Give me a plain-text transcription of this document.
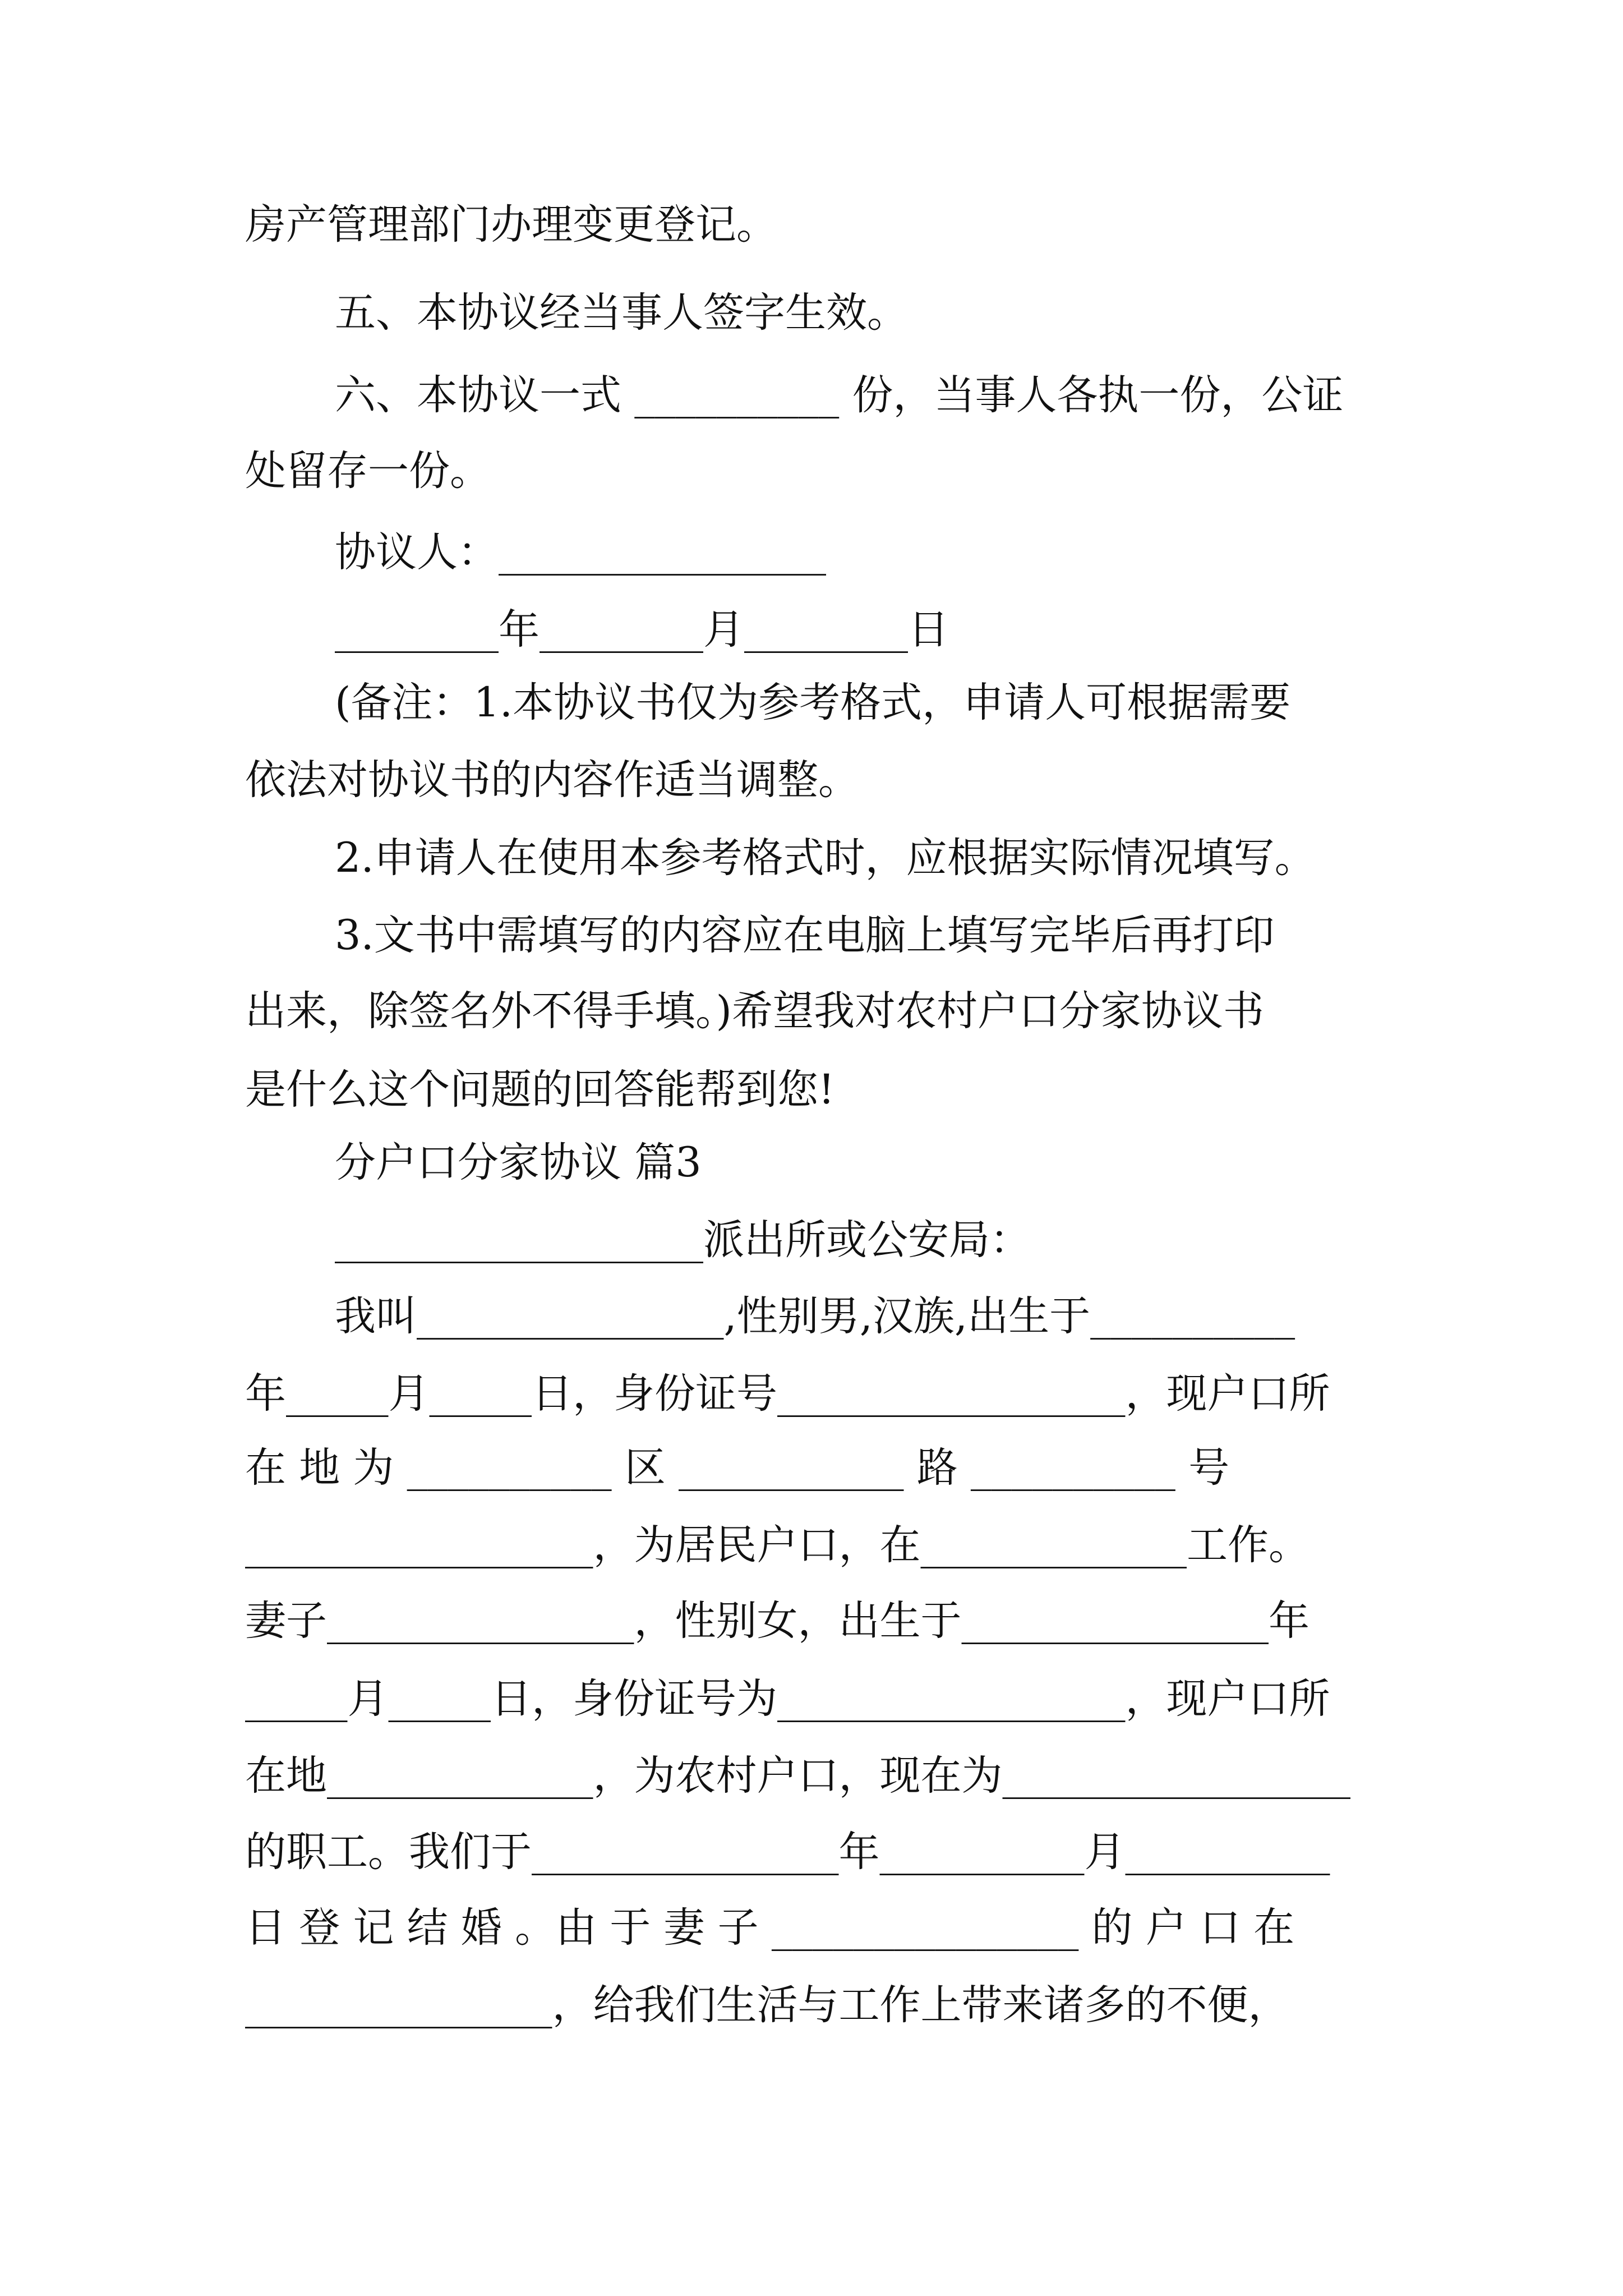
房产管理部门办理变更登记。
五、本协议经当事人签字生效。
六、本协议一式 __________ 份，当事人各执一份，公证
处留存一份。
协议人：________________
________年________月________日
(备注：1.本协议书仅为参考格式，申请人可根据需要
依法对协议书的内容作适当调整。
2.申请人在使用本参考格式时，应根据实际情况填写。
3.文书中需填写的内容应在电脑上填写完毕后再打印
出来，除签名外不得手填。)希望我对农村户口分家协议书
是什么这个问题的回答能帮到您!
分户口分家协议 篇3
__________________派出所或公安局：
我叫_______________,性别男,汉族,出生于__________
年_____月_____日，身份证号_________________，现户口所
在 地 为 __________ 区 ___________ 路 __________ 号
_________________，为居民户口，在_____________工作。
妻子_______________，性别女，出生于_______________年
_____月_____日，身份证号为_________________，现户口所
在地_____________，为农村户口，现在为_________________
的职工。我们于_______________年__________月__________
日 登 记 结 婚 。由 于 妻 子 _______________ 的 户 口 在
_______________，给我们生活与工作上带来诸多的不便，
